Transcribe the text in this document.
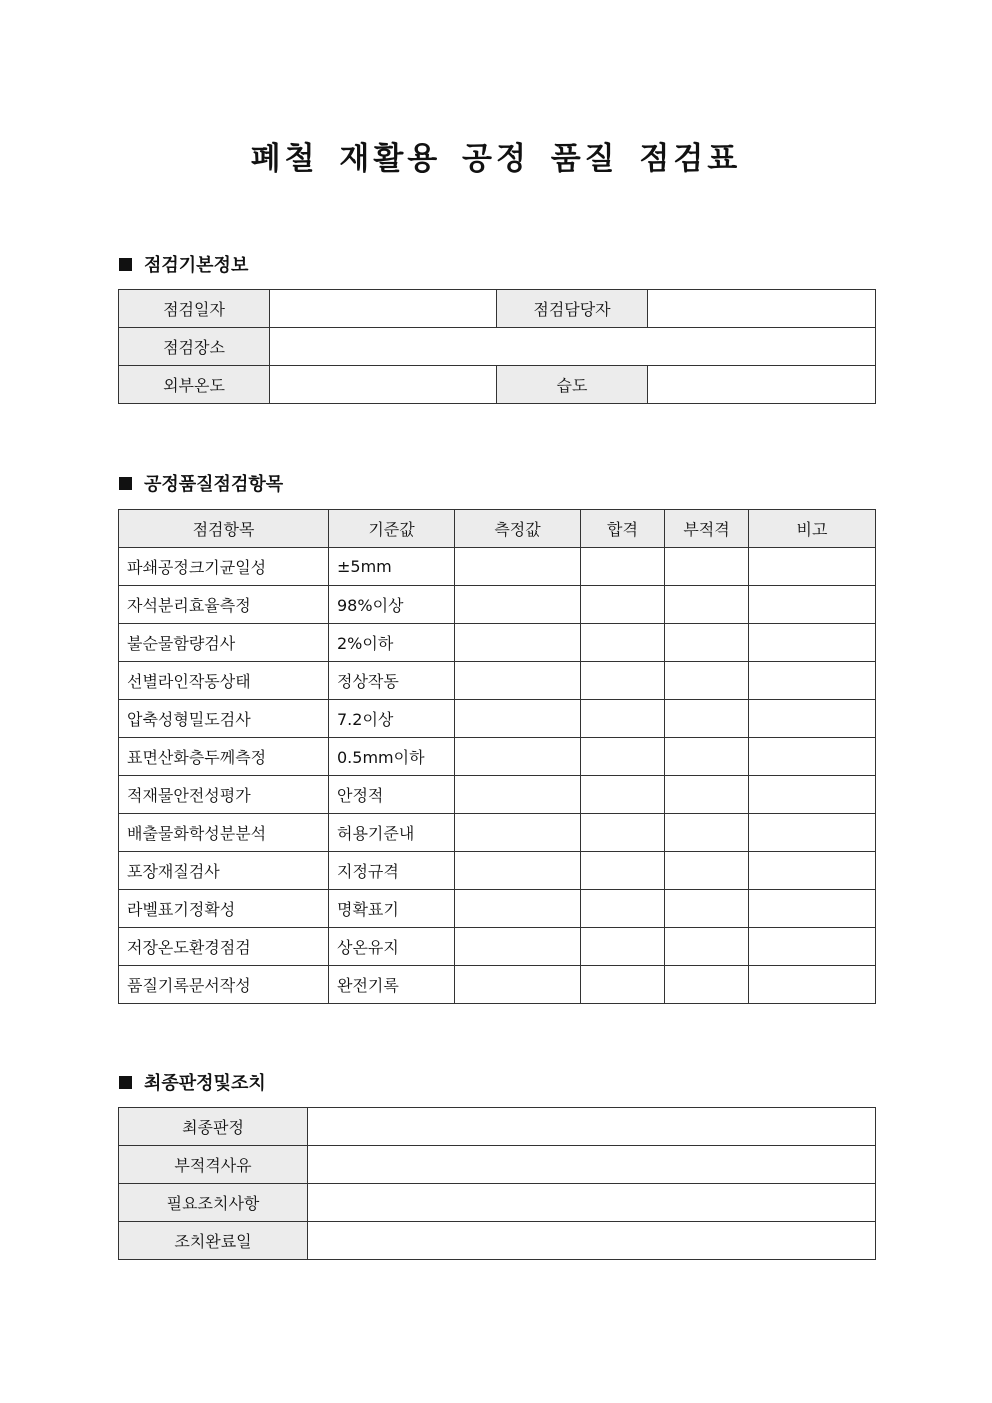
폐철 재활용 공정 품질 점검표
점검기본정보
점검일자		점검담당자	
점검장소			
외부온도		습도	
공정품질점검항목
점검항목	기준값	측정값	합격	부적격	비고
파쇄공정크기균일성	±5mm				
자석분리효율측정	98%이상				
불순물함량검사	2%이하				
선별라인작동상태	정상작동				
압축성형밀도검사	7.2이상				
표면산화층두께측정	0.5mm이하				
적재물안전성평가	안정적				
배출물화학성분분석	허용기준내				
포장재질검사	지정규격				
라벨표기정확성	명확표기				
저장온도환경점검	상온유지				
품질기록문서작성	완전기록				
최종판정및조치
최종판정	
부적격사유	
필요조치사항	
조치완료일	
